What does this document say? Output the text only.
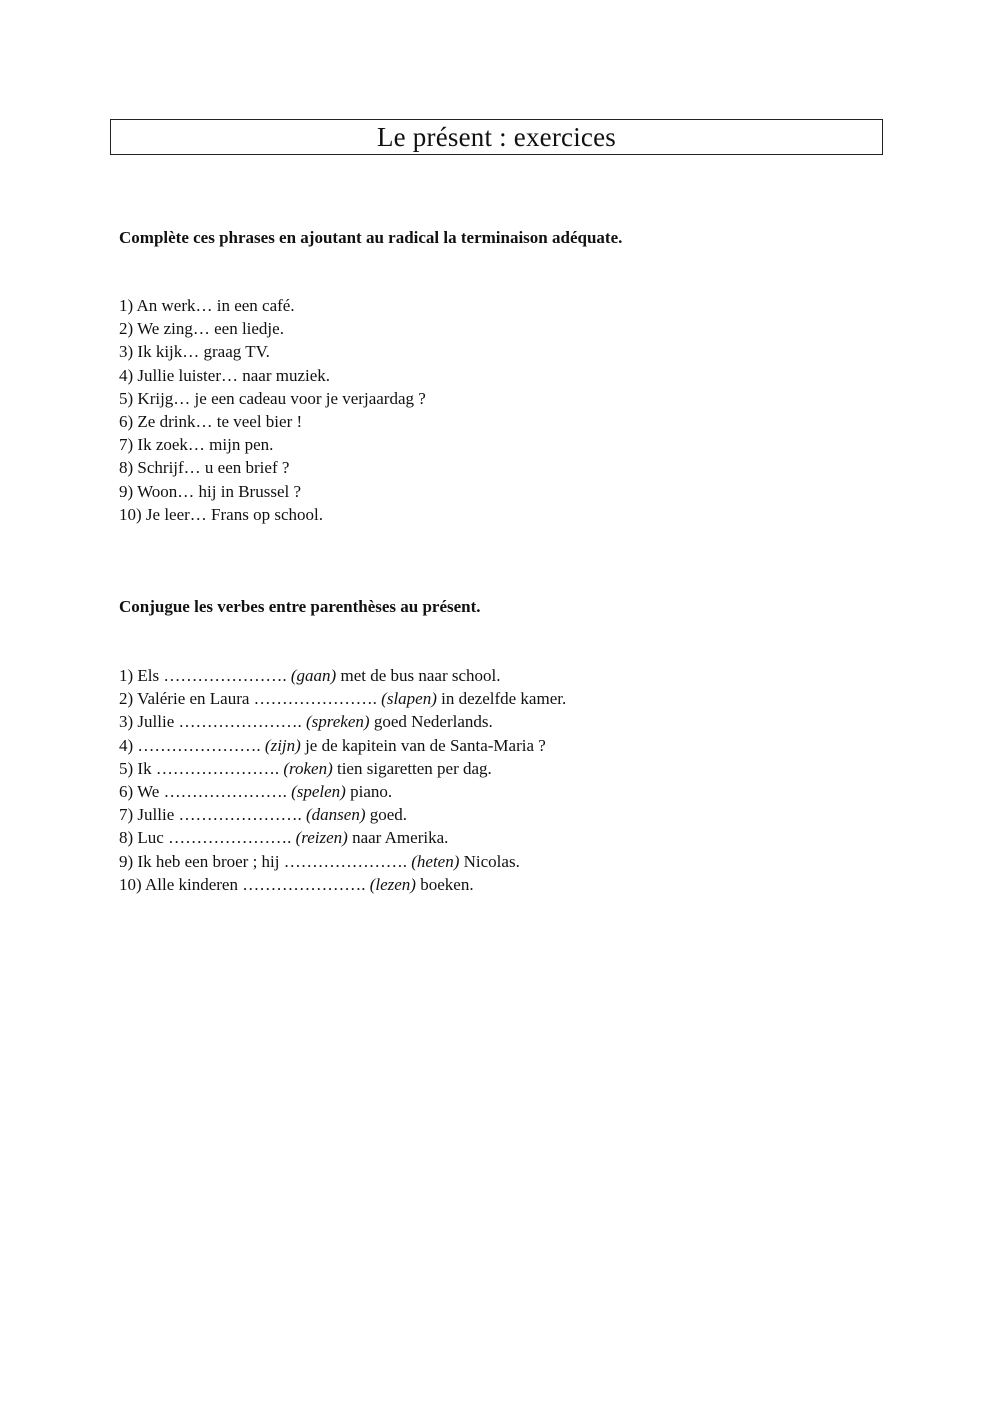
Le présent : exercices
Complète ces phrases en ajoutant au radical la terminaison adéquate.
1) An werk… in een café.
2) We zing… een liedje.
3) Ik kijk… graag TV.
4) Jullie luister… naar muziek.
5) Krijg… je een cadeau voor je verjaardag ?
6) Ze drink… te veel bier !
7) Ik zoek… mijn pen.
8) Schrijf… u een brief ?
9) Woon… hij in Brussel ?
10) Je leer… Frans op school.
Conjugue les verbes entre parenthèses au présent.
1) Els …………………. (gaan) met de bus naar school.
2) Valérie en Laura …………………. (slapen) in dezelfde kamer.
3) Jullie …………………. (spreken) goed Nederlands.
4) …………………. (zijn) je de kapitein van de Santa-Maria ?
5) Ik …………………. (roken) tien sigaretten per dag.
6) We …………………. (spelen) piano.
7) Jullie …………………. (dansen) goed.
8) Luc …………………. (reizen) naar Amerika.
9) Ik heb een broer ; hij …………………. (heten) Nicolas.
10) Alle kinderen …………………. (lezen) boeken.
